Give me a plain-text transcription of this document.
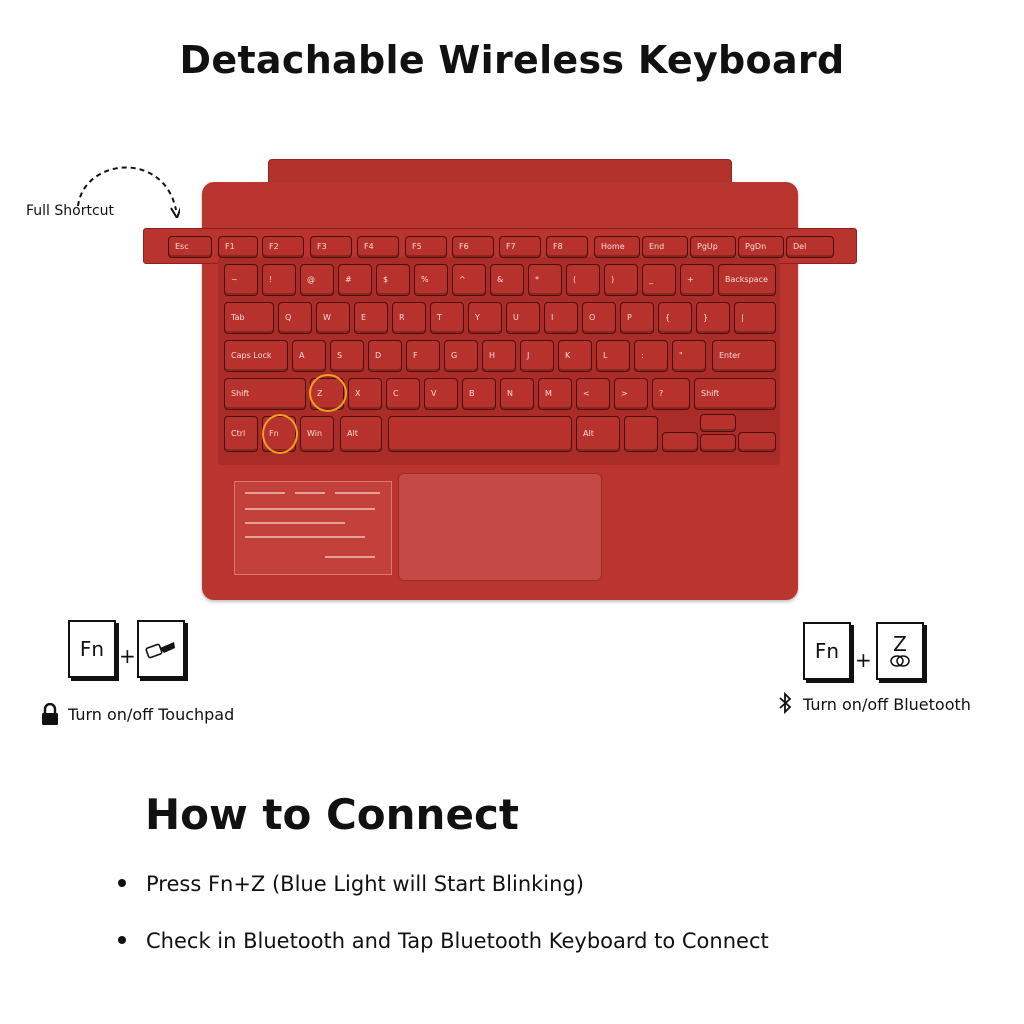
Detachable Wireless Keyboard
Full Shortcut
Esc	F1	F2	F3	F4	F5	F6	F7	F8	Home	End	PgUp	PgDn	Del
~	!	@	#	$	%	^	&	*	(	)	_	+	Backspace
Tab	Q	W	E	R	T	Y	U	I	O	P	{	}	|
Caps Lock	A	S	D	F	G	H	J	K	L	:	"	Enter
Shift	Z	X	C	V	B	N	M	<	>	?	Shift
Ctrl	Fn	Win	Alt	Alt
Fn +
Turn on/off Touchpad
Fn +
Z
Turn on/off Bluetooth
How to Connect
Press Fn+Z (Blue Light will Start Blinking)
Check in Bluetooth and Tap Bluetooth Keyboard to Connect
